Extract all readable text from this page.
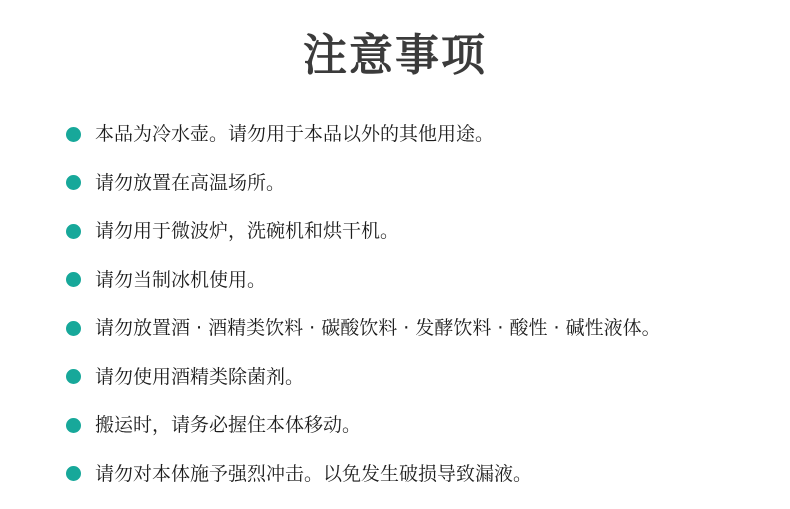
注意事项
本品为冷水壶。请勿用于本品以外的其他用途。
请勿放置在高温场所。
请勿用于微波炉，洗碗机和烘干机。
请勿当制冰机使用。
请勿放置酒 · 酒精类饮料 · 碳酸饮料 · 发酵饮料 · 酸性 · 碱性液体。
请勿使用酒精类除菌剂。
搬运时，请务必握住本体移动。
请勿对本体施予强烈冲击。以免发生破损导致漏液。
